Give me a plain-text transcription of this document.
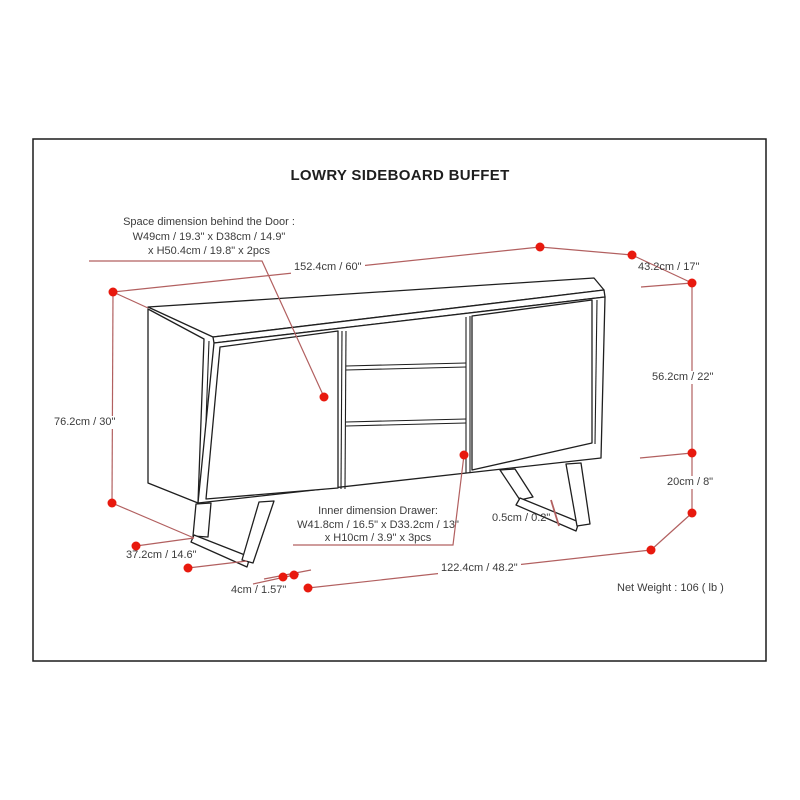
LOWRY SIDEBOARD BUFFET
Space dimension behind the Door :
W49cm / 19.3" x D38cm / 14.9"
x H50.4cm / 19.8" x 2pcs
152.4cm / 60"	43.2cm / 17"
56.2cm / 22"
20cm / 8"
76.2cm / 30"
37.2cm / 14.6"
4cm / 1.57"
0.5cm / 0.2"
122.4cm / 48.2"
Inner dimension Drawer:
W41.8cm / 16.5" x D33.2cm / 13"
x H10cm / 3.9" x 3pcs
Net Weight : 106 ( lb )
